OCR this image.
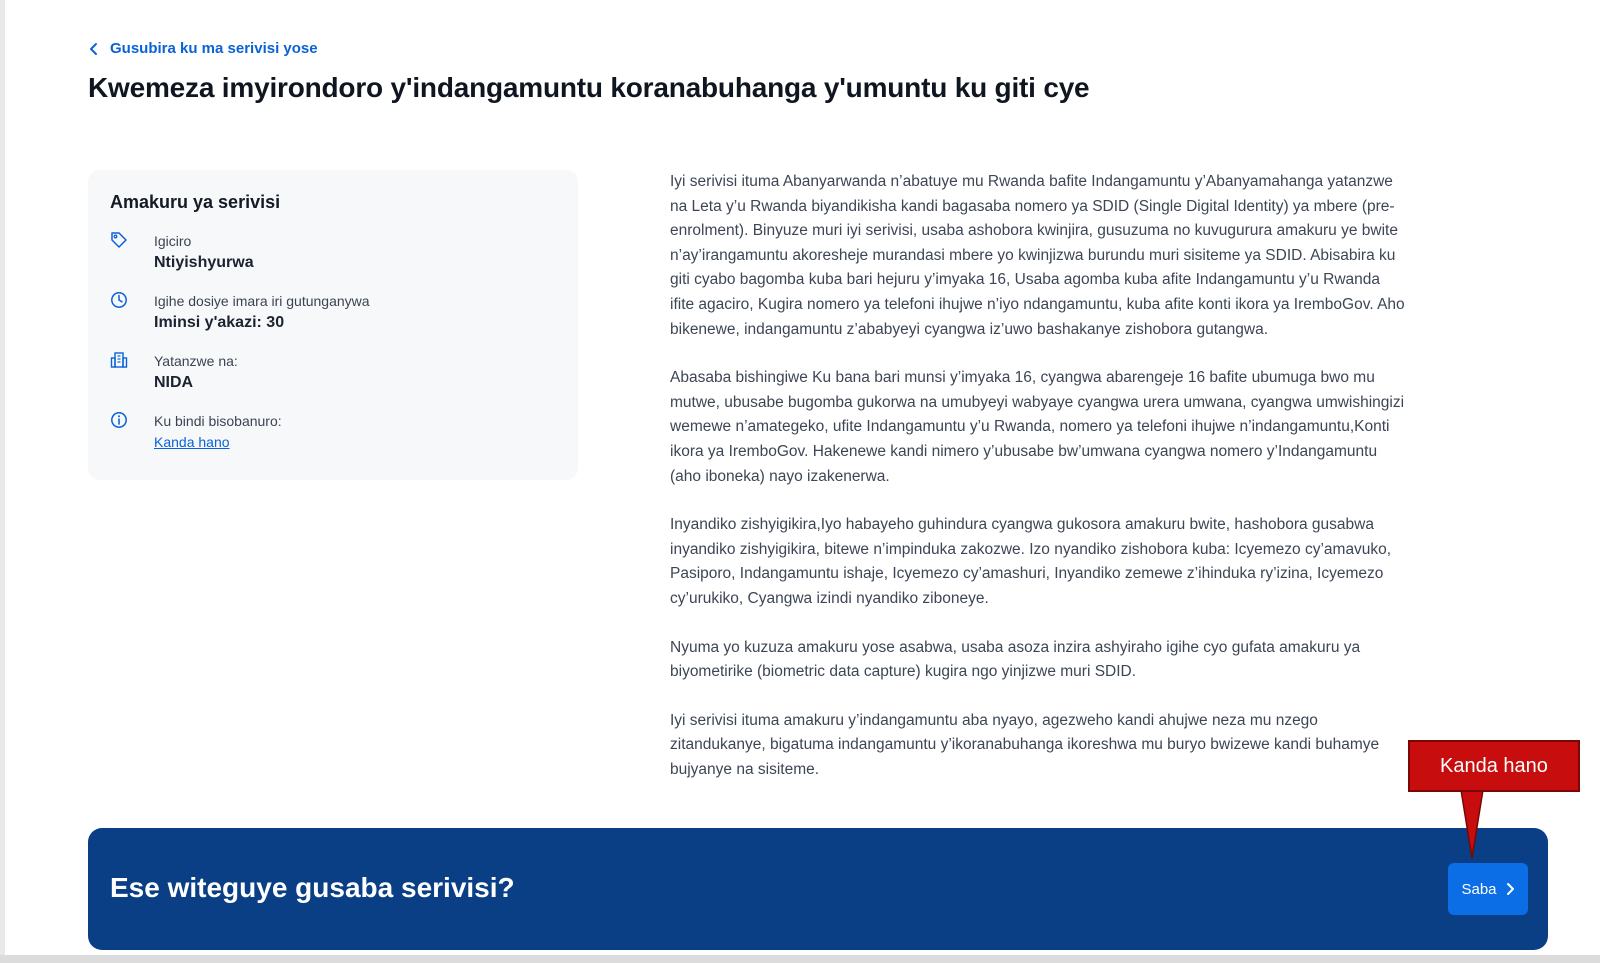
Gusubira ku ma serivisi yose
Kwemeza imyirondoro y'indangamuntu koranabuhanga y'umuntu ku giti cye
Amakuru ya serivisi
Igiciro
Ntiyishyurwa
Igihe dosiye imara iri gutunganywa
Iminsi y'akazi: 30
Yatanzwe na:
NIDA
Ku bindi bisobanuro:
Kanda hano

Iyi serivisi ituma Abanyarwanda n’abatuye mu Rwanda bafite Indangamuntu y’Abanyamahanga yatanzwe na Leta y’u Rwanda biyandikisha kandi bagasaba nomero ya SDID (Single Digital Identity) ya mbere (pre-enrolment). Binyuze muri iyi serivisi, usaba ashobora kwinjira, gusuzuma no kuvugurura amakuru ye bwite n’ay’irangamuntu akoresheje murandasi mbere yo kwinjizwa burundu muri sisiteme ya SDID. Abisabira ku giti cyabo bagomba kuba bari hejuru y’imyaka 16, Usaba agomba kuba afite Indangamuntu y’u Rwanda ifite agaciro, Kugira nomero ya telefoni ihujwe n’iyo ndangamuntu, kuba afite konti ikora ya IremboGov. Aho bikenewe, indangamuntu z’ababyeyi cyangwa iz’uwo bashakanye zishobora gutangwa.

Abasaba bishingiwe Ku bana bari munsi y’imyaka 16, cyangwa abarengeje 16 bafite ubumuga bwo mu mutwe, ubusabe bugomba gukorwa na umubyeyi wabyaye cyangwa urera umwana, cyangwa umwishingizi wemewe n’amategeko, ufite Indangamuntu y’u Rwanda, nomero ya telefoni ihujwe n’indangamuntu,Konti ikora ya IremboGov. Hakenewe kandi nimero y’ubusabe bw’umwana cyangwa nomero y’Indangamuntu (aho iboneka) nayo izakenerwa.

Inyandiko zishyigikira,Iyo habayeho guhindura cyangwa gukosora amakuru bwite, hashobora gusabwa inyandiko zishyigikira, bitewe n’impinduka zakozwe. Izo nyandiko zishobora kuba: Icyemezo cy’amavuko, Pasiporo, Indangamuntu ishaje, Icyemezo cy’amashuri, Inyandiko zemewe z’ihinduka ry’izina, Icyemezo cy’urukiko, Cyangwa izindi nyandiko ziboneye.

Nyuma yo kuzuza amakuru yose asabwa, usaba asoza inzira ashyiraho igihe cyo gufata amakuru ya biyometirike (biometric data capture) kugira ngo yinjizwe muri SDID.

Iyi serivisi ituma amakuru y’indangamuntu aba nyayo, agezweho kandi ahujwe neza mu nzego zitandukanye, bigatuma indangamuntu y’ikoranabuhanga ikoreshwa mu buryo bwizewe kandi buhamye bujyanye na sisiteme.

Ese witeguye gusaba serivisi?	Saba
Kanda hano
